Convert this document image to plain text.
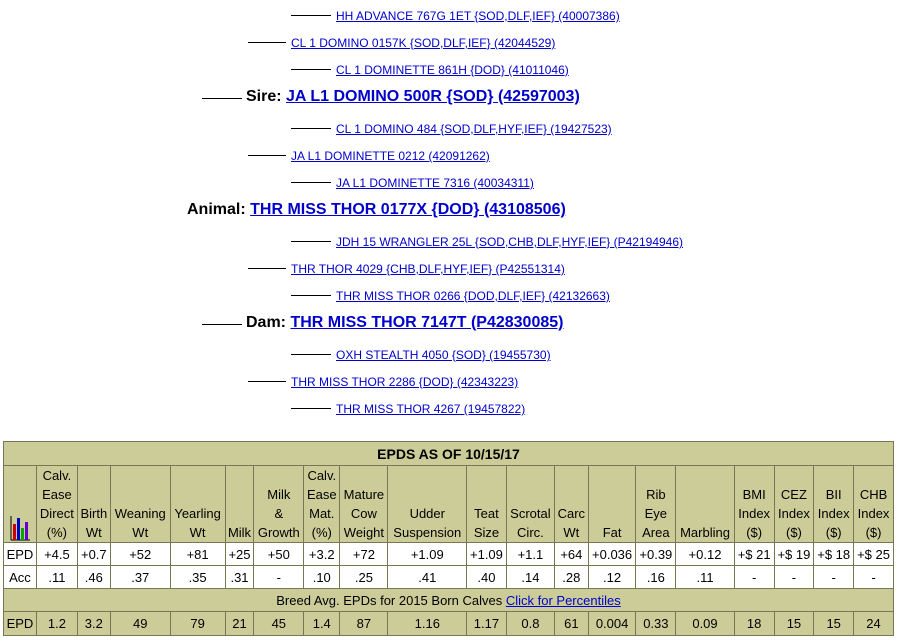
HH ADVANCE 767G 1ET {SOD,DLF,IEF} (40007386)
CL 1 DOMINO 0157K {SOD,DLF,IEF} (42044529)
CL 1 DOMINETTE 861H {DOD} (41011046)
Sire: JA L1 DOMINO 500R {SOD} (42597003)
CL 1 DOMINO 484 {SOD,DLF,HYF,IEF} (19427523)
JA L1 DOMINETTE 0212 (42091262)
JA L1 DOMINETTE 7316 (40034311)
Animal: THR MISS THOR 0177X {DOD} (43108506)
JDH 15 WRANGLER 25L {SOD,CHB,DLF,HYF,IEF} (P42194946)
THR THOR 4029 {CHB,DLF,HYF,IEF} (P42551314)
THR MISS THOR 0266 {DOD,DLF,IEF} (42132663)
Dam: THR MISS THOR 7147T (P42830085)
OXH STEALTH 4050 {SOD} (19455730)
THR MISS THOR 2286 {DOD} (42343223)
THR MISS THOR 4267 (19457822)
EPDS AS OF 10/15/17																			
	Calv.
Ease
Direct
(%)	Birth
Wt	Weaning
Wt	Yearling
Wt	Milk	Milk
&
Growth	Calv.
Ease
Mat.
(%)	Mature
Cow
Weight	Udder
Suspension	Teat
Size	Scrotal
Circ.	Carc
Wt	Fat	Rib
Eye
Area	Marbling	BMI
Index
($)	CEZ
Index
($)	BII
Index
($)	CHB
Index
($)
EPD	+4.5	+0.7	+52	+81	+25	+50	+3.2	+72	+1.09	+1.09	+1.1	+64	+0.036	+0.39	+0.12	+$ 21	+$ 19	+$ 18	+$ 25
Acc	.11	.46	.37	.35	.31	-	.10	.25	.41	.40	.14	.28	.12	.16	.11	-	-	-	-
Breed Avg. EPDs for 2015 Born Calves Click for Percentiles																			
EPD	1.2	3.2	49	79	21	45	1.4	87	1.16	1.17	0.8	61	0.004	0.33	0.09	18	15	15	24
